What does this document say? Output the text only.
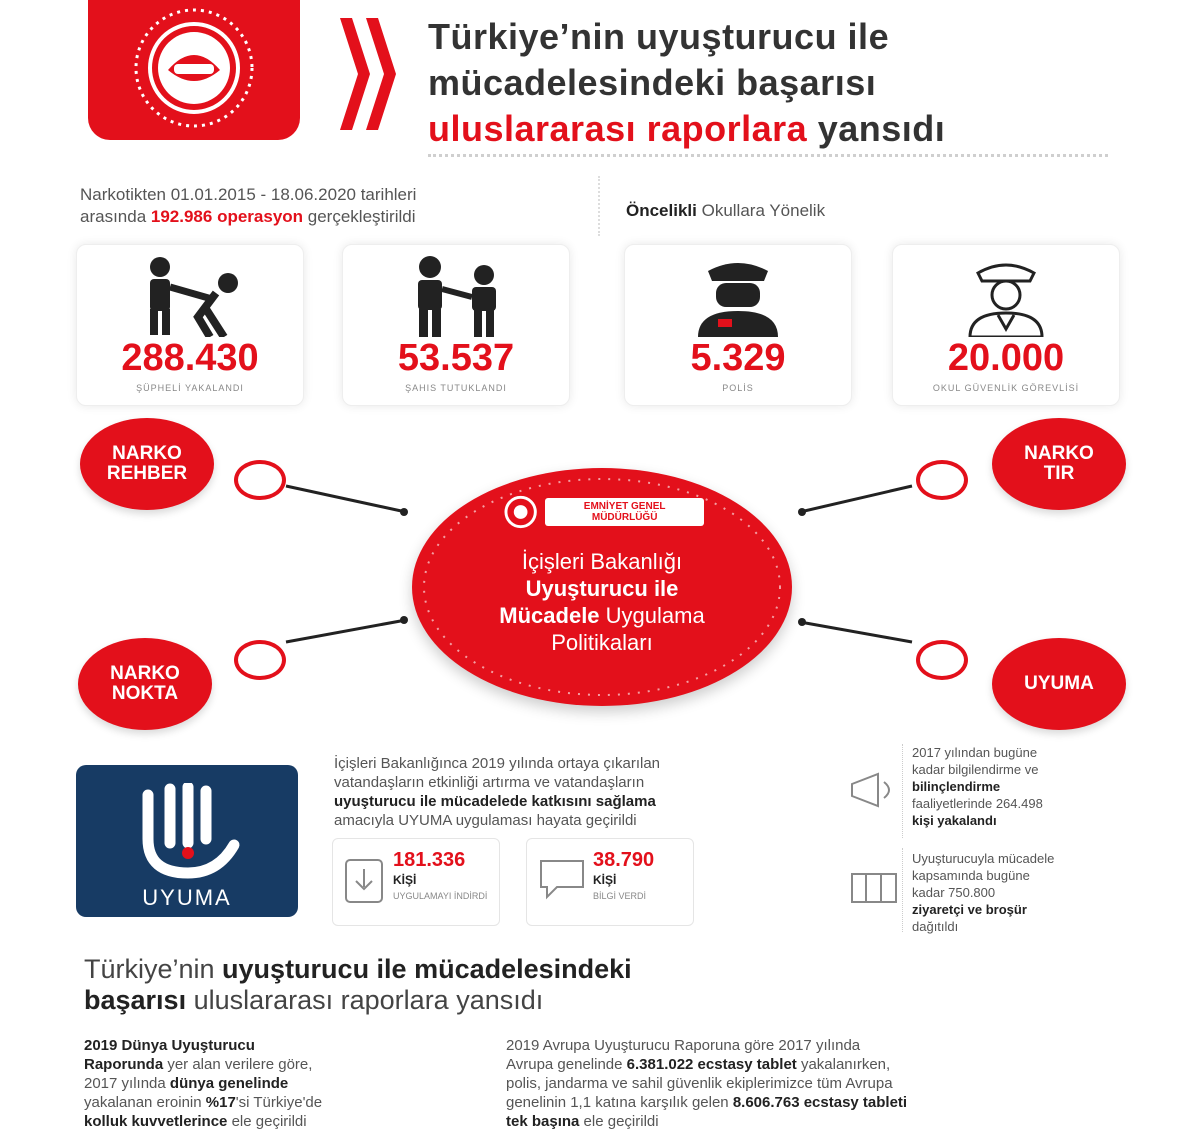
Türkiye’nin uyuşturucu ile
mücadelesindeki başarısı
uluslararası raporlara yansıdı
Narkotikten 01.01.2015 - 18.06.2020 tarihleri
arasında 192.986 operasyon gerçekleştirildi	Öncelikli Okullara Yönelik
288.430
ŞÜPHELİ YAKALANDI
53.537
ŞAHIS TUTUKLANDI
5.329
POLİS
20.000
OKUL GÜVENLİK GÖREVLİSİ
NARKO
REHBER
NARKO
TIR
NARKO
NOKTA	UYUMA
EMNİYET GENEL MÜDÜRLÜĞÜ
İçişleri Bakanlığı
Uyuşturucu ile
Mücadele Uygulama
Politikaları
UYUMA
İçişleri Bakanlığınca 2019 yılında ortaya çıkarılan
vatandaşların etkinliği artırma ve vatandaşların
uyuşturucu ile mücadelede katkısını sağlama
amacıyla UYUMA uygulaması hayata geçirildi
181.336
KİŞİ
UYGULAMAYI İNDİRDİ
38.790
KİŞİ
BİLGİ VERDİ
2017 yılından bugüne
kadar bilgilendirme ve
bilinçlendirme
faaliyetlerinde 264.498
kişi yakalandı
Uyuşturucuyla mücadele
kapsamında bugüne
kadar 750.800
ziyaretçi ve broşür
dağıtıldı
Türkiye’nin uyuşturucu ile mücadelesindeki
başarısı uluslararası raporlara yansıdı
2019 Dünya Uyuşturucu
Raporunda yer alan verilere göre,
2017 yılında dünya genelinde
yakalanan eroinin %17'si Türkiye'de
kolluk kuvvetlerince ele geçirildi
2019 Avrupa Uyuşturucu Raporuna göre 2017 yılında
Avrupa genelinde 6.381.022 ecstasy tablet yakalanırken,
polis, jandarma ve sahil güvenlik ekiplerimizce tüm Avrupa
genelinin 1,1 katına karşılık gelen 8.606.763 ecstasy tableti
tek başına ele geçirildi
